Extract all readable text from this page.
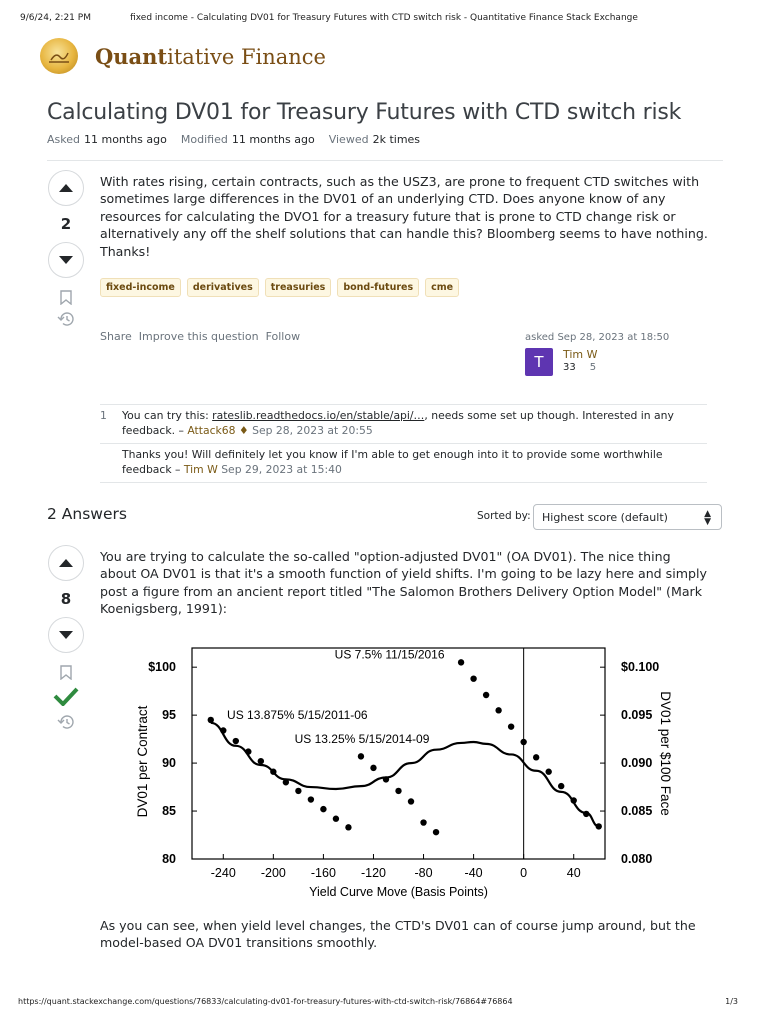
9/6/24, 2:21 PM	fixed income - Calculating DV01 for Treasury Futures with CTD switch risk - Quantitative Finance Stack Exchange
Quantitative Finance
Calculating DV01 for Treasury Futures with CTD switch risk
Asked 11 months ago Modified 11 months ago Viewed 2k times
2
With rates rising, certain contracts, such as the USZ3, are prone to frequent CTD switches with sometimes large differences in the DV01 of an underlying CTD. Does anyone know of any resources for calculating the DVO1 for a treasury future that is prone to CTD change risk or alternatively any off the shelf solutions that can handle this? Bloomberg seems to have nothing. Thanks!
fixed-income	derivatives	treasuries	bond-futures	cme
Share Improve this question Follow	asked Sep 28, 2023 at 18:50
T	Tim W
33 5
1 You can try this: rateslib.readthedocs.io/en/stable/api/…, needs some set up though. Interested in any feedback. – Attack68 ♦ Sep 28, 2023 at 20:55
Thanks you! Will definitely let you know if I'm able to get enough into it to provide some worthwhile feedback – Tim W Sep 29, 2023 at 15:40
2 Answers	Sorted by:	Highest score (default)	▲
▼
8
You are trying to calculate the so-called "option-adjusted DV01" (OA DV01). The nice thing about OA DV01 is that it's a smooth function of yield shifts. I'm going to be lazy here and simply post a figure from an ancient report titled "The Salomon Brothers Delivery Option Model" (Mark Koenigsberg, 1991):
-240 -200 -160 -120 -80	-40	0	40
80	0.080
85	0.085
90	0.090
95	0.095
$100	$0.100
Yield Curve Move (Basis Points)
DV01 per Contract	DV01 per $100 Face
US 13.875% 5/15/2011-06
US 13.25% 5/15/2014-09
US 7.5% 11/15/2016
As you can see, when yield level changes, the CTD's DV01 can of course jump around, but the model-based OA DV01 transitions smoothly.
https://quant.stackexchange.com/questions/76833/calculating-dv01-for-treasury-futures-with-ctd-switch-risk/76864#76864	1/3
